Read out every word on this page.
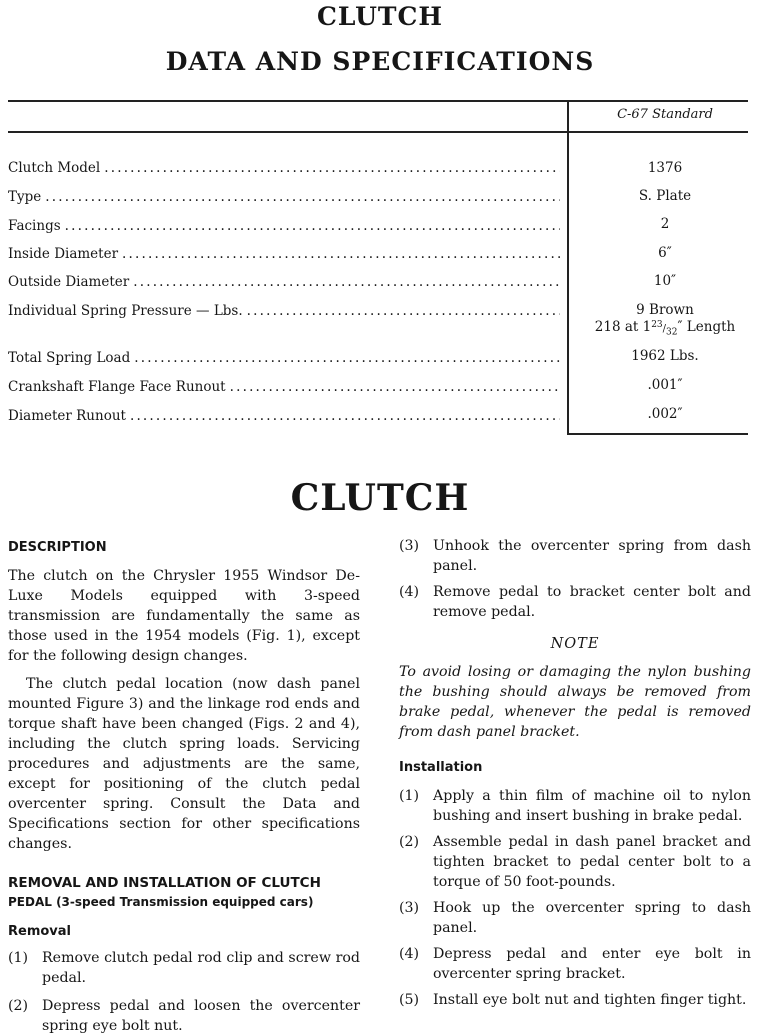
CLUTCH
DATA AND SPECIFICATIONS
C-67 Standard
Clutch Model .....	1376
Type .....	S. Plate
Facings .....	2
Inside Diameter .....	6″
Outside Diameter .....	10″
Individual Spring Pressure — Lbs. .....	9 Brown
218 at $1^{23}/_{32}''$ Length
Total Spring Load .....	1962 Lbs.
Crankshaft Flange Face Runout .....	.001″
Diameter Runout .....	.002″
CLUTCH
DESCRIPTION

The clutch on the Chrysler 1955 Windsor De-Luxe Models equipped with 3-speed transmission are fundamentally the same as those used in the 1954 models (Fig. 1), except for the following design changes.

The clutch pedal location (now dash panel mounted Figure 3) and the linkage rod ends and torque shaft have been changed (Figs. 2 and 4), including the clutch spring loads. Servicing procedures and adjustments are the same, except for positioning of the clutch pedal overcenter spring. Consult the Data and Specifications section for other specifications changes.

REMOVAL AND INSTALLATION OF CLUTCH
PEDAL (3-speed Transmission equipped cars)
Removal
(1) Remove clutch pedal rod clip and screw rod pedal.
(2) Depress pedal and loosen the overcenter spring eye bolt nut.
(3) Unhook the overcenter spring from dash panel.
(4) Remove pedal to bracket center bolt and remove pedal.
NOTE

To avoid losing or damaging the nylon bushing the bushing should always be removed from brake pedal, whenever the pedal is removed from dash panel bracket.

Installation
(1) Apply a thin film of machine oil to nylon bushing and insert bushing in brake pedal.
(2) Assemble pedal in dash panel bracket and tighten bracket to pedal center bolt to a torque of 50 foot-pounds.
(3) Hook up the overcenter spring to dash panel.
(4) Depress pedal and enter eye bolt in overcenter spring bracket.
(5) Install eye bolt nut and tighten finger tight.
